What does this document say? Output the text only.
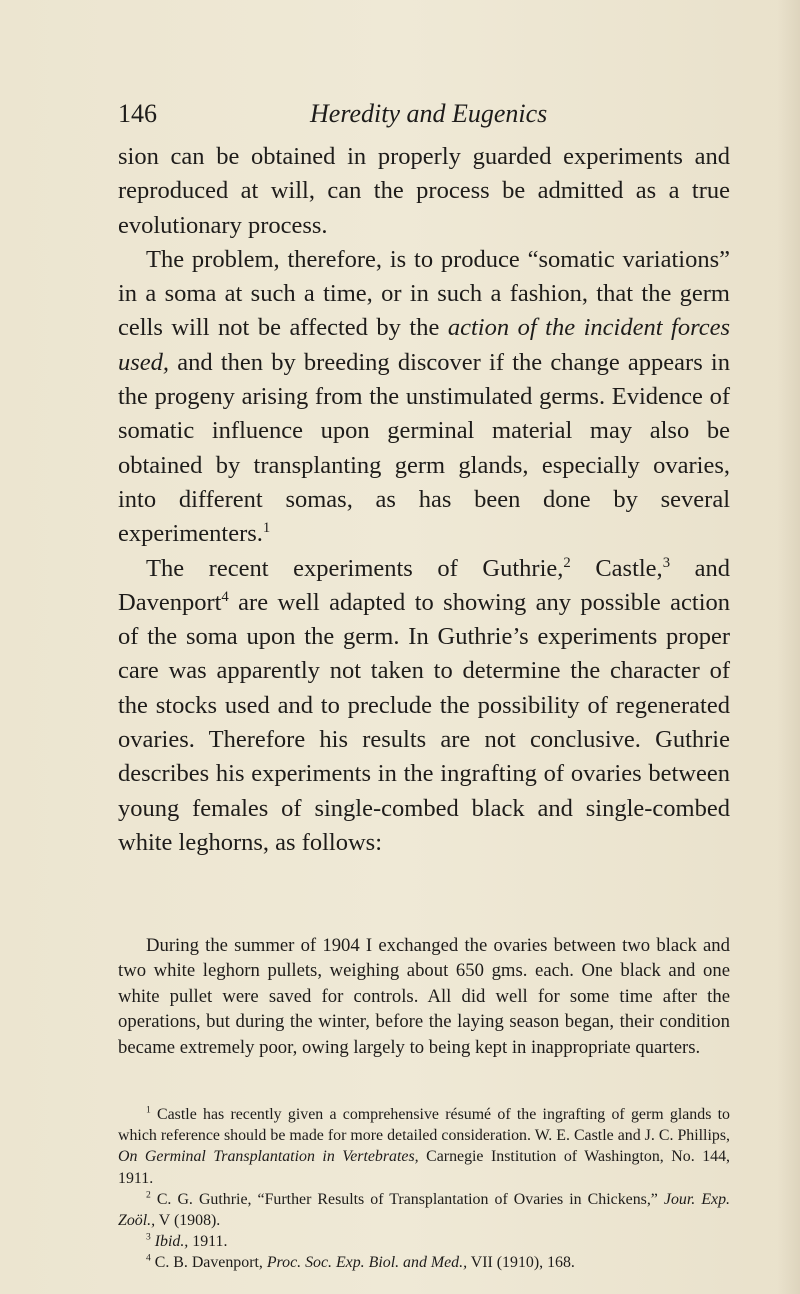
146	Heredity and Eugenics

sion can be obtained in properly guarded experiments and reproduced at will, can the process be admitted as a true evolutionary process.

The problem, therefore, is to produce “somatic variations” in a soma at such a time, or in such a fashion, that the germ cells will not be affected by the action of the incident forces used, and then by breeding discover if the change appears in the progeny arising from the unstimulated germs. Evidence of somatic influence upon germinal material may also be obtained by transplanting germ glands, especially ovaries, into different somas, as has been done by several experimenters.$^1$

The recent experiments of Guthrie,$^2$ Castle,$^3$ and Davenport$^4$ are well adapted to showing any possible action of the soma upon the germ. In Guthrie’s experiments proper care was apparently not taken to determine the character of the stocks used and to preclude the possibility of regenerated ovaries. Therefore his results are not conclusive. Guthrie describes his experiments in the ingrafting of ovaries between young females of single-combed black and single-combed white leghorns, as follows:

During the summer of 1904 I exchanged the ovaries between two black and two white leghorn pullets, weighing about 650 gms. each. One black and one white pullet were saved for controls. All did well for some time after the operations, but during the winter, before the laying season began, their condition became extremely poor, owing largely to being kept in inappropriate quarters.

$^1$ Castle has recently given a comprehensive résumé of the ingrafting of germ glands to which reference should be made for more detailed consideration. W. E. Castle and J. C. Phillips, On Germinal Transplantation in Vertebrates, Carnegie Institution of Washington, No. 144, 1911.

$^2$ C. G. Guthrie, “Further Results of Transplantation of Ovaries in Chickens,” Jour. Exp. Zoöl., V (1908).

$^3$ Ibid., 1911.

$^4$ C. B. Davenport, Proc. Soc. Exp. Biol. and Med., VII (1910), 168.
